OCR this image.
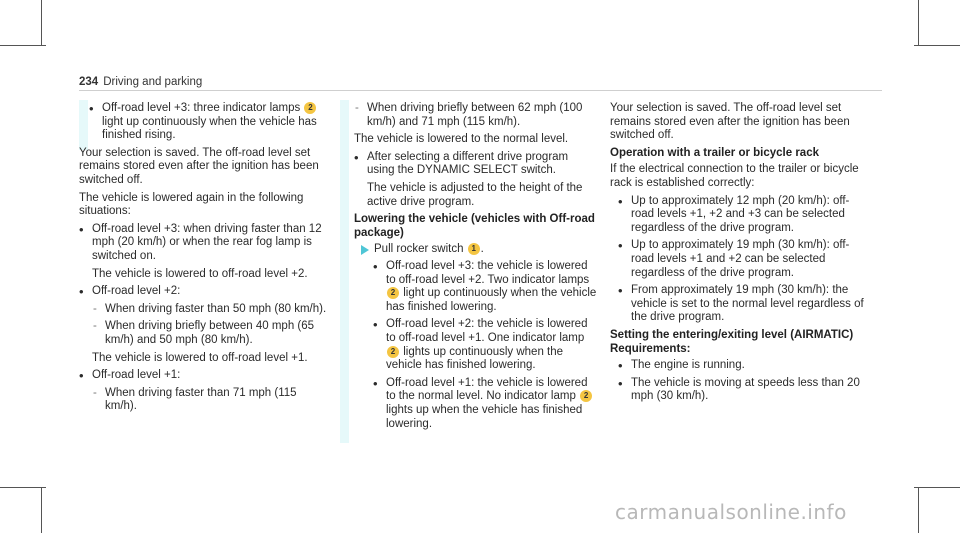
234 Driving and parking
• Off-road level +3: three indicator lamps 2 light up continuously when the vehicle has finished rising.

Your selection is saved. The off-road level set remains stored even after the ignition has been switched off.

The vehicle is lowered again in the following situations:

• Off-road level +3: when driving faster than 12 mph (20 km/h) or when the rear fog lamp is switched on.

The vehicle is lowered to off-road level +2.

• Off-road level +2:
- When driving faster than 50 mph (80 km/h).
- When driving briefly between 40 mph (65 km/h) and 50 mph (80 km/h).

The vehicle is lowered to off-road level +1.

• Off-road level +1:
- When driving faster than 71 mph (115 km/h).
- When driving briefly between 62 mph (100 km/h) and 71 mph (115 km/h).

The vehicle is lowered to the normal level.

• After selecting a different drive program using the DYNAMIC SELECT switch.

The vehicle is adjusted to the height of the active drive program.

Lowering the vehicle (vehicles with Off-road package)

Pull rocker switch 1 .
• Off-road level +3: the vehicle is lowered to off-road level +2. Two indicator lamps 2 light up continuously when the vehicle has finished lowering.
• Off-road level +2: the vehicle is lowered to off-road level +1. One indicator lamp 2 lights up continuously when the vehicle has finished lowering.
• Off-road level +1: the vehicle is lowered to the normal level. No indicator lamp 2 lights up when the vehicle has finished lowering.

Your selection is saved. The off-road level set remains stored even after the ignition has been switched off.

Operation with a trailer or bicycle rack

If the electrical connection to the trailer or bicycle rack is established correctly:

• Up to approximately 12 mph (20 km/h): off-road levels +1, +2 and +3 can be selected regardless of the drive program.
• Up to approximately 19 mph (30 km/h): off-road levels +1 and +2 can be selected regardless of the drive program.
• From approximately 19 mph (30 km/h): the vehicle is set to the normal level regardless of the drive program.

Setting the entering/exiting level (AIRMATIC)

Requirements:

• The engine is running.
• The vehicle is moving at speeds less than 20 mph (30 km/h).
carmanualsonline.info
